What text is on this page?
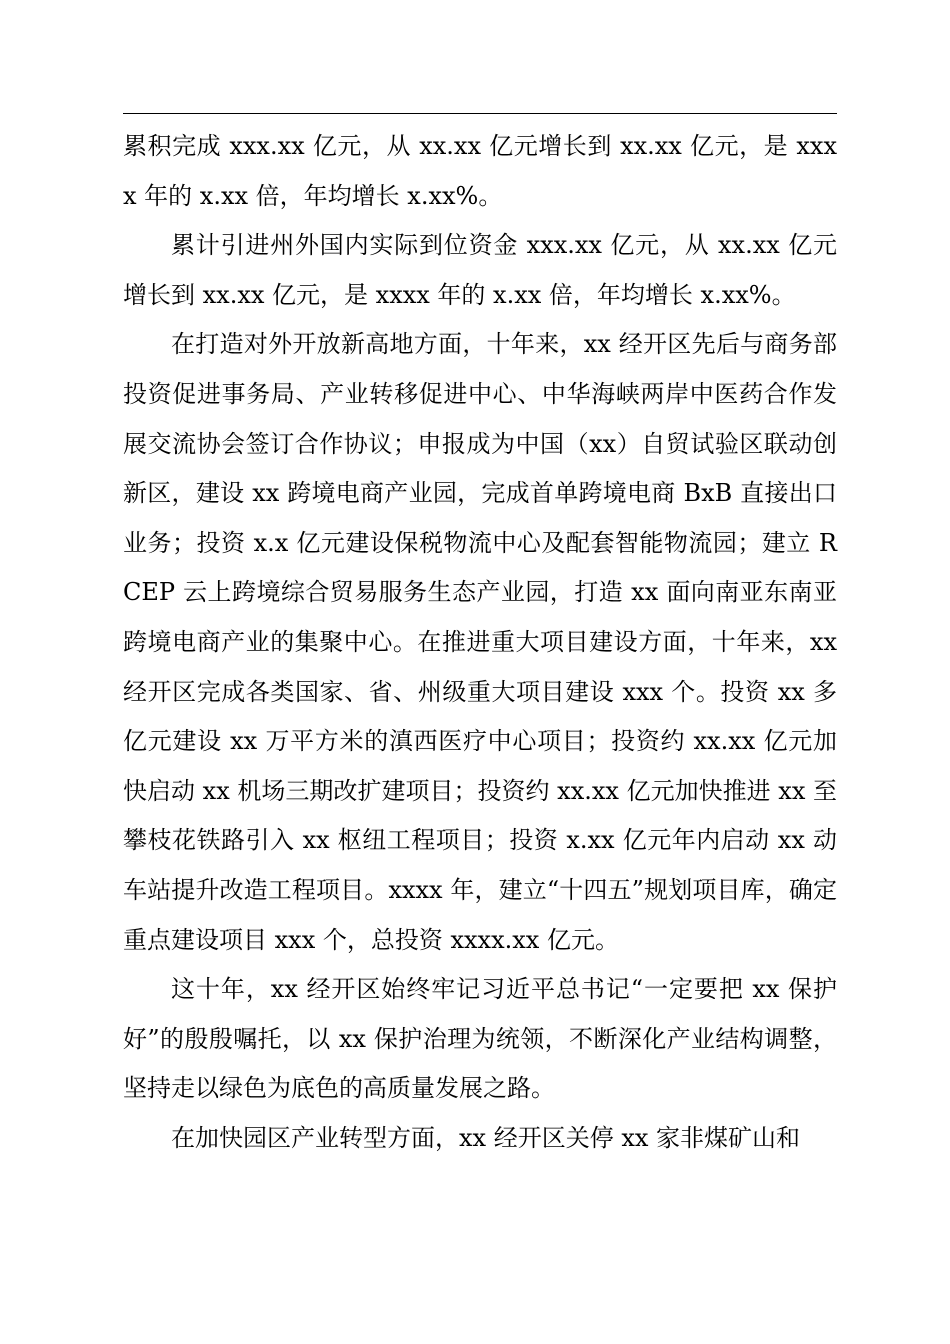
累积完成 xxx.xx 亿元，从 xx.xx 亿元增长到 xx.xx 亿元，是 xxxx 年的 x.xx 倍，年均增长 x.xx%。

累计引进州外国内实际到位资金 xxx.xx 亿元，从 xx.xx 亿元增长到 xx.xx 亿元，是 xxxx 年的 x.xx 倍，年均增长 x.xx%。

在打造对外开放新高地方面，十年来，xx 经开区先后与商务部投资促进事务局、产业转移促进中心、中华海峡两岸中医药合作发展交流协会签订合作协议；申报成为中国（xx）自贸试验区联动创新区，建设 xx 跨境电商产业园，完成首单跨境电商 BxB 直接出口业务；投资 x.x 亿元建设保税物流中心及配套智能物流园；建立 RCEP 云上跨境综合贸易服务生态产业园，打造 xx 面向南亚东南亚跨境电商产业的集聚中心。在推进重大项目建设方面，十年来，xx 经开区完成各类国家、省、州级重大项目建设 xxx 个。投资 xx 多亿元建设 xx 万平方米的滇西医疗中心项目；投资约 xx.xx 亿元加快启动 xx 机场三期改扩建项目；投资约 xx.xx 亿元加快推进 xx 至攀枝花铁路引入 xx 枢纽工程项目；投资 x.xx 亿元年内启动 xx 动车站提升改造工程项目。xxxx 年，建立“十四五”规划项目库，确定重点建设项目 xxx 个，总投资 xxxx.xx 亿元。

这十年，xx 经开区始终牢记习近平总书记“一定要把 xx 保护好”的殷殷嘱托，以 xx 保护治理为统领，不断深化产业结构调整，坚持走以绿色为底色的高质量发展之路。

在加快园区产业转型方面，xx 经开区关停 xx 家非煤矿山和
